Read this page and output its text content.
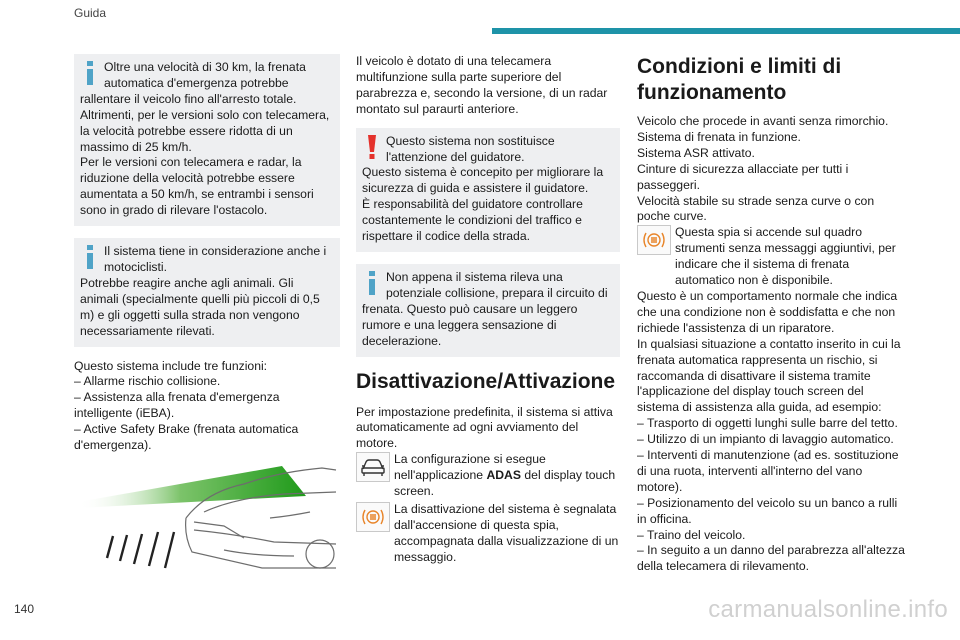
Guida
Oltre una velocità di 30 km, la frenata automatica d'emergenza potrebbe

rallentare il veicolo fino all'arresto totale.

Altrimenti, per le versioni solo con telecamera, la velocità potrebbe essere ridotta di un massimo di 25 km/h.

Per le versioni con telecamera e radar, la riduzione della velocità potrebbe essere aumentata a 50 km/h, se entrambi i sensori sono in grado di rilevare l'ostacolo.

Il sistema tiene in considerazione anche i motociclisti.

Potrebbe reagire anche agli animali. Gli animali (specialmente quelli più piccoli di 0,5 m) e gli oggetti sulla strada non vengono necessariamente rilevati.

Questo sistema include tre funzioni:

– Allarme rischio collisione.

– Assistenza alla frenata d'emergenza intelligente (iEBA).

– Active Safety Brake (frenata automatica d'emergenza).

Il veicolo è dotato di una telecamera multifunzione sulla parte superiore del parabrezza e, secondo la versione, di un radar montato sul paraurti anteriore.

Questo sistema non sostituisce l'attenzione del guidatore.

Questo sistema è concepito per migliorare la sicurezza di guida e assistere il guidatore.

È responsabilità del guidatore controllare costantemente le condizioni del traffico e rispettare il codice della strada.

Non appena il sistema rileva una potenziale collisione, prepara il circuito di

frenata. Questo può causare un leggero rumore e una leggera sensazione di decelerazione.

Disattivazione/Attivazione

Per impostazione predefinita, il sistema si attiva automaticamente ad ogni avviamento del motore.

La configurazione si esegue nell'applicazione ADAS del display touch screen.
La disattivazione del sistema è segnalata dall'accensione di questa spia, accompagnata dalla visualizzazione di un messaggio.
Condizioni e limiti di funzionamento

Veicolo che procede in avanti senza rimorchio.

Sistema di frenata in funzione.

Sistema ASR attivato.

Cinture di sicurezza allacciate per tutti i passeggeri.

Velocità stabile su strade senza curve o con poche curve.

Questa spia si accende sul quadro strumenti senza messaggi aggiuntivi, per indicare che il sistema di frenata automatico non è disponibile.

Questo è un comportamento normale che indica che una condizione non è soddisfatta e che non richiede l'assistenza di un riparatore.

In qualsiasi situazione a contatto inserito in cui la frenata automatica rappresenta un rischio, si raccomanda di disattivare il sistema tramite l'applicazione del display touch screen del sistema di assistenza alla guida, ad esempio:

– Trasporto di oggetti lunghi sulle barre del tetto.

– Utilizzo di un impianto di lavaggio automatico.

– Interventi di manutenzione (ad es. sostituzione di una ruota, interventi all'interno del vano motore).

– Posizionamento del veicolo su un banco a rulli in officina.

– Traino del veicolo.

– In seguito a un danno del parabrezza all'altezza della telecamera di rilevamento.

140	carmanualsonline.info
